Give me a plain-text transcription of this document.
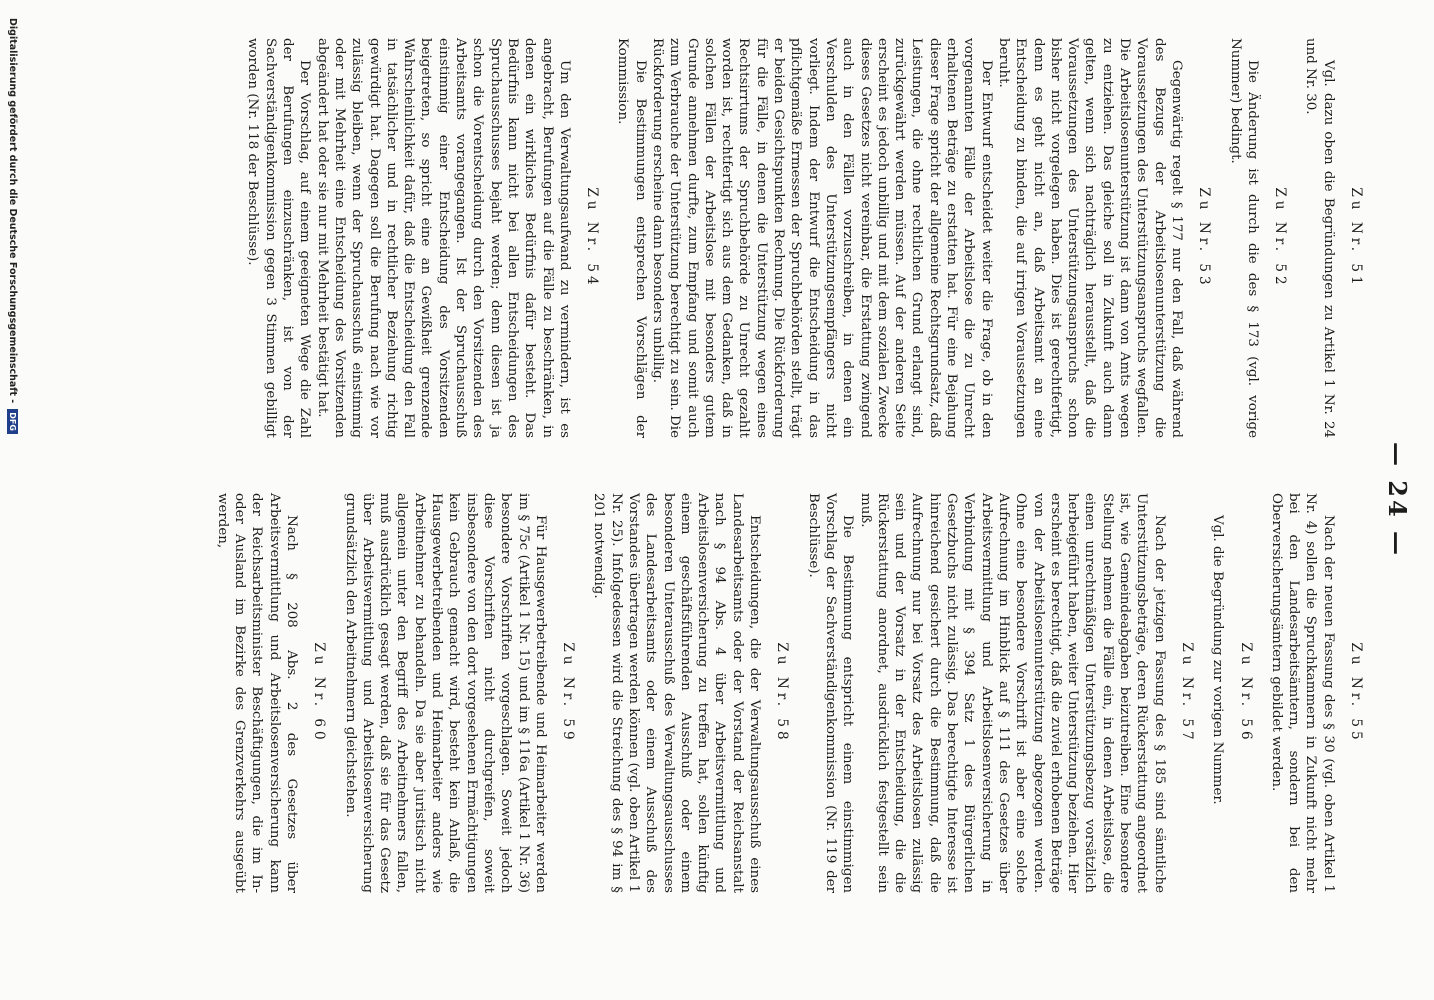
— 24 —
Zu Nr. 51

Vgl. dazu oben die Begründungen zu Artikel 1 Nr. 24 und Nr. 30.

Zu Nr. 52

Die Änderung ist durch die des § 173 (vgl. vorige Nummer) bedingt.

Zu Nr. 53

Gegenwärtig regelt § 177 nur den Fall, daß während des Bezugs der Arbeitslosenunterstützung die Voraussetzungen des Unterstützungsanspruchs wegfallen. Die Arbeitslosenunterstützung ist dann von Amts wegen zu entziehen. Das gleiche soll in Zukunft auch dann gelten, wenn sich nachträglich herausstellt, daß die Voraussetzungen des Unterstützungsanspruchs schon bisher nicht vorgelegen haben. Dies ist gerechtfertigt, denn es geht nicht an, daß Arbeitsamt an eine Entscheidung zu binden, die auf irrigen Voraussetzungen beruht.

Der Entwurf entscheidet weiter die Frage, ob in den vorgenannten Fälle der Arbeitslose die zu Unrecht erhaltenen Beträge zu erstatten hat. Für eine Bejahung dieser Frage spricht der allgemeine Rechtsgrundsatz, daß Leistungen, die ohne rechtlichen Grund erlangt sind, zurückgewährt werden müssen. Auf der anderen Seite erscheint es jedoch unbillig und mit dem sozialen Zwecke dieses Gesetzes nicht vereinbar, die Erstattung zwingend auch in den Fällen vorzuschreiben, in denen ein Verschulden des Unterstützungsempfängers nicht vorliegt. Indem der Entwurf die Entscheidung in das pflichtgemäße Ermessen der Spruchbehörden stellt, trägt er beiden Gesichtspunkten Rechnung. Die Rückforderung für die Fälle, in denen die Unterstützung wegen eines Rechtsirrtums der Spruchbehörde zu Unrecht gezahlt worden ist, rechtfertigt sich aus dem Gedanken, daß in solchen Fällen der Arbeitslose mit besonders gutem Grunde annehmen durfte, zum Empfang und somit auch zum Verbrauche der Unterstützung berechtigt zu sein. Die Rückforderung erscheine dann besonders unbillig.

Die Bestimmungen entsprechen Vorschlägen der Kommission.

Zu Nr. 54

Um den Verwaltungsaufwand zu vermindern, ist es angebracht, Berufungen auf die Fälle zu beschränken, in denen ein wirkliches Bedürfnis dafür besteht. Das Bedürfnis kann nicht bei allen Entscheidungen des Spruchausschusses bejaht werden; denn diesen ist ja schon die Vorentscheidung durch den Vorsitzenden des Arbeitsamts vorangegangen. Ist der Spruchausschuß einstimmig einer Entscheidung des Vorsitzenden beigetreten, so spricht eine an Gewißheit grenzende Wahrscheinlichkeit dafür, daß die Entscheidung den Fall in tatsächlicher und in rechtlicher Beziehung richtig gewürdigt hat. Dagegen soll die Berufung nach wie vor zulässig bleiben, wenn der Spruchausschuß einstimmig oder mit Mehrheit eine Entscheidung des Vorsitzenden abgeändert hat oder sie nur mit Mehrheit bestätigt hat.

Der Vorschlag, auf einem geeigneten Wege die Zahl der Berufungen einzuschränken, ist von der Sachverständigenkommission gegen 3 Stimmen gebilligt worden (Nr. 118 der Beschlüsse).

Zu Nr. 55

Nach der neuen Fassung des § 30 (vgl. oben Artikel 1 Nr. 4) sollen die Spruchkammern in Zukunft nicht mehr bei den Landesarbeitsämtern, sondern bei den Oberversicherungsämtern gebildet werden.

Zu Nr. 56

Vgl. die Begründung zur vorigen Nummer.

Zu Nr. 57

Nach der jetzigen Fassung des § 185 sind sämtliche Unterstützungsbeträge, deren Rückerstattung angeordnet ist, wie Gemeindeabgaben beizutreiben. Eine besondere Stellung nehmen die Fälle ein, in denen Arbeitslose, die einen unrechtmäßigen Unterstützungsbezug vorsätzlich herbeigeführt haben, weiter Unterstützung beziehen. Hier erscheint es berechtigt, daß die zuviel erhobenen Beträge von der Arbeitslosenunterstützung abgezogen werden. Ohne eine besondere Vorschrift ist aber eine solche Aufrechnung im Hinblick auf § 111 des Gesetzes über Arbeitsvermittlung und Arbeitslosenversicherung in Verbindung mit § 394 Satz 1 des Bürgerlichen Gesetzbuchs nicht zulässig. Das berechtigte Interesse ist hinreichend gesichert durch die Bestimmung, daß die Aufrechnung nur bei Vorsatz des Arbeitslosen zulässig sein und der Vorsatz in der Entscheidung, die die Rückerstattung anordnet, ausdrücklich festgestellt sein muß.

Die Bestimmung entspricht einem einstimmigen Vorschlag der Sachverständigenkommission (Nr. 119 der Beschlüsse).

Zu Nr. 58

Entscheidungen, die der Verwaltungsausschuß eines Landesarbeitsamts oder der Vorstand der Reichsanstalt nach § 94 Abs. 4 über Arbeitsvermittlung und Arbeitslosenversicherung zu treffen hat, sollen künftig einem geschäftsführenden Ausschuß oder einem besonderen Unterausschuß des Verwaltungsausschusses des Landesarbeitsamts oder einem Ausschuß des Vorstandes übertragen werden können (vgl. oben Artikel 1 Nr. 25). Infolgedessen wird die Streichung des § 94 im § 201 notwendig.

Zu Nr. 59

Für Hausgewerbetreibende und Heimarbeiter werden im § 75c (Artikel 1 Nr. 15) und im § 116a (Artikel 1 Nr. 36) besondere Vorschriften vorgeschlagen. Soweit jedoch diese Vorschriften nicht durchgreifen, soweit insbesondere von den dort vorgesehenen Ermächtigungen kein Gebrauch gemacht wird, besteht kein Anlaß, die Hausgewerbetreibenden und Heimarbeiter anders wie Arbeitnehmer zu behandeln. Da sie aber juristisch nicht allgemein unter den Begriff des Arbeitnehmers fallen, muß ausdrücklich gesagt werden, daß sie für das Gesetz über Arbeitsvermittlung und Arbeitslosenversicherung grundsätzlich den Arbeitnehmern gleichstehen.

Zu Nr. 60

Nach § 208 Abs. 2 des Gesetzes über Arbeitsvermittlung und Arbeitslosenversicherung kann der Reichsarbeitsminister Beschäftigungen, die im In- oder Ausland im Bezirke des Grenzverkehrs ausgeübt werden,

Digitalisierung gefördert durch die Deutsche Forschungsgemeinschaft -DFG
